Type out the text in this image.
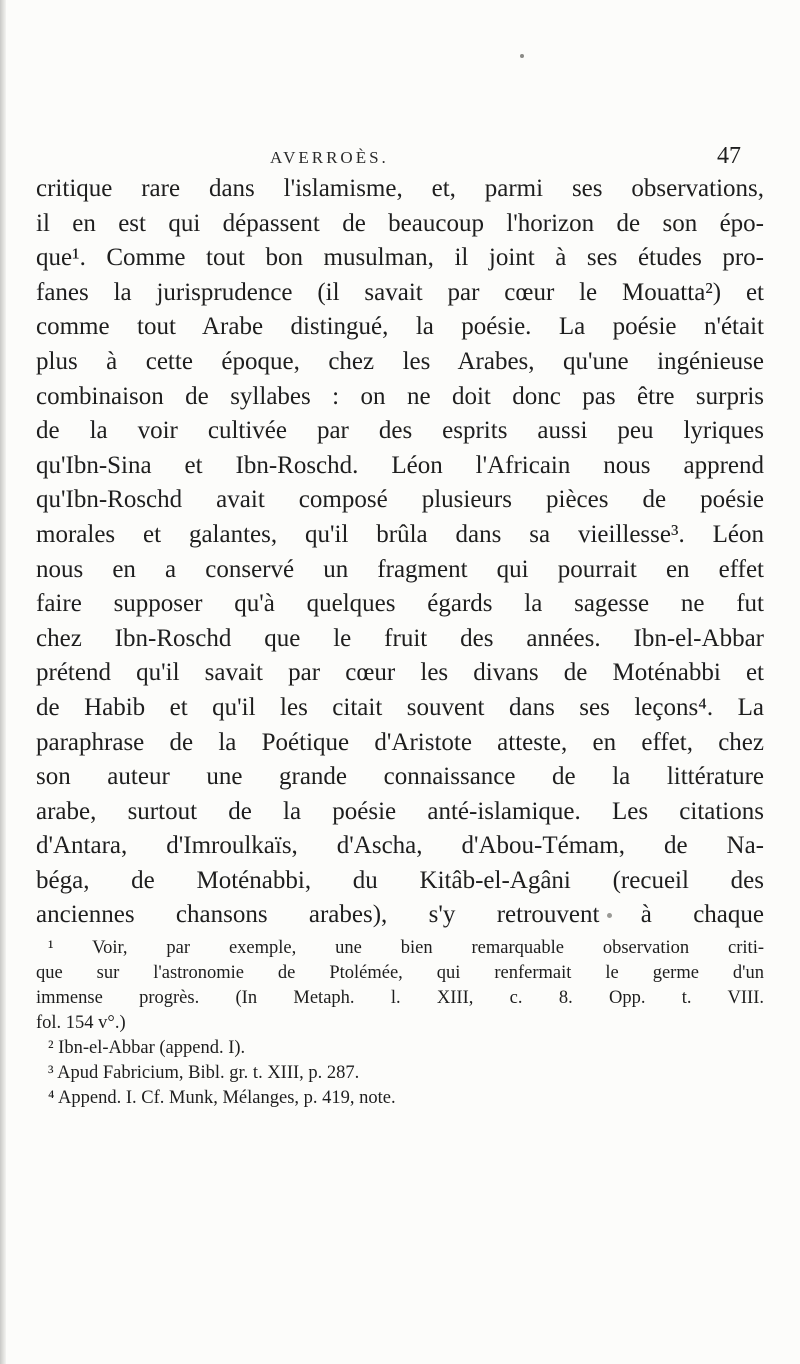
AVERROÈS.	47
critique rare dans l'islamisme, et, parmi ses observations,
il en est qui dépassent de beaucoup l'horizon de son épo-
que¹. Comme tout bon musulman, il joint à ses études pro-
fanes la jurisprudence (il savait par cœur le Mouatta²) et
comme tout Arabe distingué, la poésie. La poésie n'était
plus à cette époque, chez les Arabes, qu'une ingénieuse
combinaison de syllabes : on ne doit donc pas être surpris
de la voir cultivée par des esprits aussi peu lyriques
qu'Ibn-Sina et Ibn-Roschd. Léon l'Africain nous apprend
qu'Ibn-Roschd avait composé plusieurs pièces de poésie
morales et galantes, qu'il brûla dans sa vieillesse³. Léon
nous en a conservé un fragment qui pourrait en effet
faire supposer qu'à quelques égards la sagesse ne fut
chez Ibn-Roschd que le fruit des années. Ibn-el-Abbar
prétend qu'il savait par cœur les divans de Moténabbi et
de Habib et qu'il les citait souvent dans ses leçons⁴. La
paraphrase de la Poétique d'Aristote atteste, en effet, chez
son auteur une grande connaissance de la littérature
arabe, surtout de la poésie anté-islamique. Les citations
d'Antara, d'Imroulkaïs, d'Ascha, d'Abou-Témam, de Na-
béga, de Moténabbi, du Kitâb-el-Agâni (recueil des
anciennes chansons arabes), s'y retrouvent à chaque
¹ Voir, par exemple, une bien remarquable observation criti-
que sur l'astronomie de Ptolémée, qui renfermait le germe d'un
immense progrès. (In Metaph. l. XIII, c. 8. Opp. t. VIII.
fol. 154 v°.)
² Ibn-el-Abbar (append. I).
³ Apud Fabricium, Bibl. gr. t. XIII, p. 287.
⁴ Append. I. Cf. Munk, Mélanges, p. 419, note.
